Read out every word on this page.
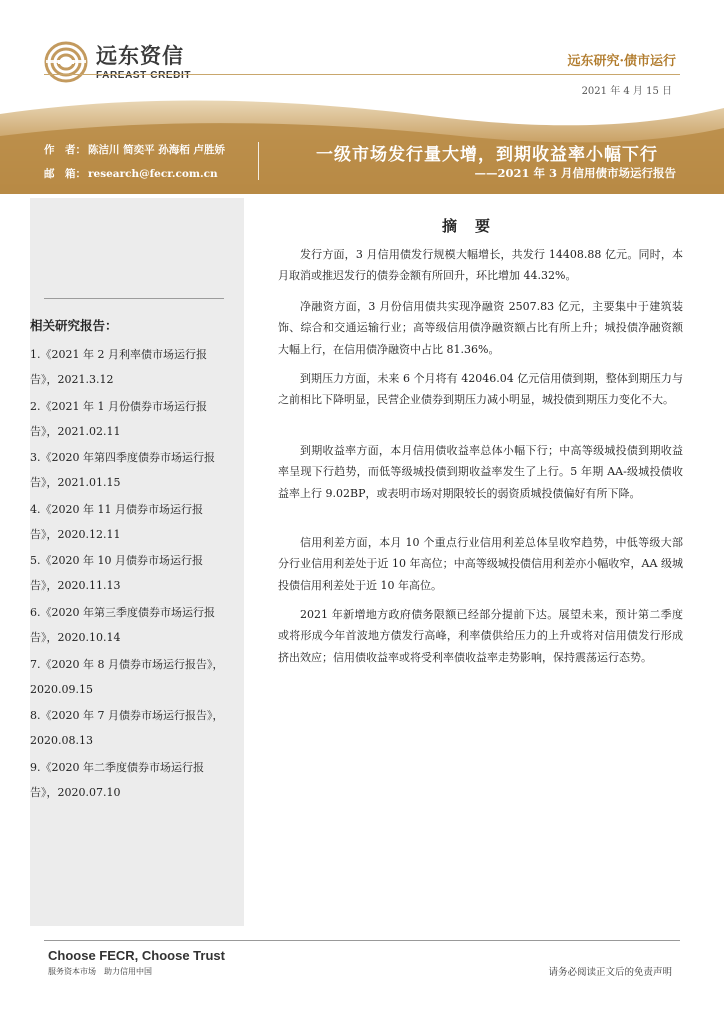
远东资信
FAREAST CREDIT
远东研究·债市运行
2021 年 4 月 15 日
作　者： 陈洁川 简奕平 孙海栢 卢胜娇
邮　箱： research@fecr.com.cn
一级市场发行量大增，到期收益率小幅下行
——2021 年 3 月信用债市场运行报告
相关研究报告：
1.《2021 年 2 月利率债市场运行报告》，2021.3.12
2.《2021 年 1 月份债券市场运行报告》，2021.02.11
3.《2020 年第四季度债券市场运行报告》，2021.01.15
4.《2020 年 11 月债券市场运行报告》，2020.12.11
5.《2020 年 10 月债券市场运行报告》，2020.11.13
6.《2020 年第三季度债券市场运行报告》，2020.10.14
7.《2020 年 8 月债券市场运行报告》，2020.09.15
8.《2020 年 7 月债券市场运行报告》，2020.08.13
9.《2020 年二季度债券市场运行报告》，2020.07.10
摘要

发行方面，3 月信用债发行规模大幅增长，共发行 14408.88 亿元。同时，本月取消或推迟发行的债券金额有所回升，环比增加 44.32%。

净融资方面，3 月份信用债共实现净融资 2507.83 亿元，主要集中于建筑装饰、综合和交通运输行业；高等级信用债净融资额占比有所上升；城投债净融资额大幅上行，在信用债净融资中占比 81.36%。

到期压力方面，未来 6 个月将有 42046.04 亿元信用债到期，整体到期压力与之前相比下降明显，民营企业债券到期压力减小明显，城投债到期压力变化不大。

到期收益率方面，本月信用债收益率总体小幅下行；中高等级城投债到期收益率呈现下行趋势，而低等级城投债到期收益率发生了上行。5 年期 AA-级城投债收益率上行 9.02BP，或表明市场对期限较长的弱资质城投债偏好有所下降。

信用利差方面，本月 10 个重点行业信用利差总体呈收窄趋势，中低等级大部分行业信用利差处于近 10 年高位；中高等级城投债信用利差亦小幅收窄，AA 级城投债信用利差处于近 10 年高位。

2021 年新增地方政府债务限额已经部分提前下达。展望未来，预计第二季度或将形成今年首波地方债发行高峰，利率债供给压力的上升或将对信用债发行形成挤出效应；信用债收益率或将受利率债收益率走势影响，保持震荡运行态势。

Choose FECR, Choose Trust
服务资本市场　助力信用中国	请务必阅读正文后的免责声明
